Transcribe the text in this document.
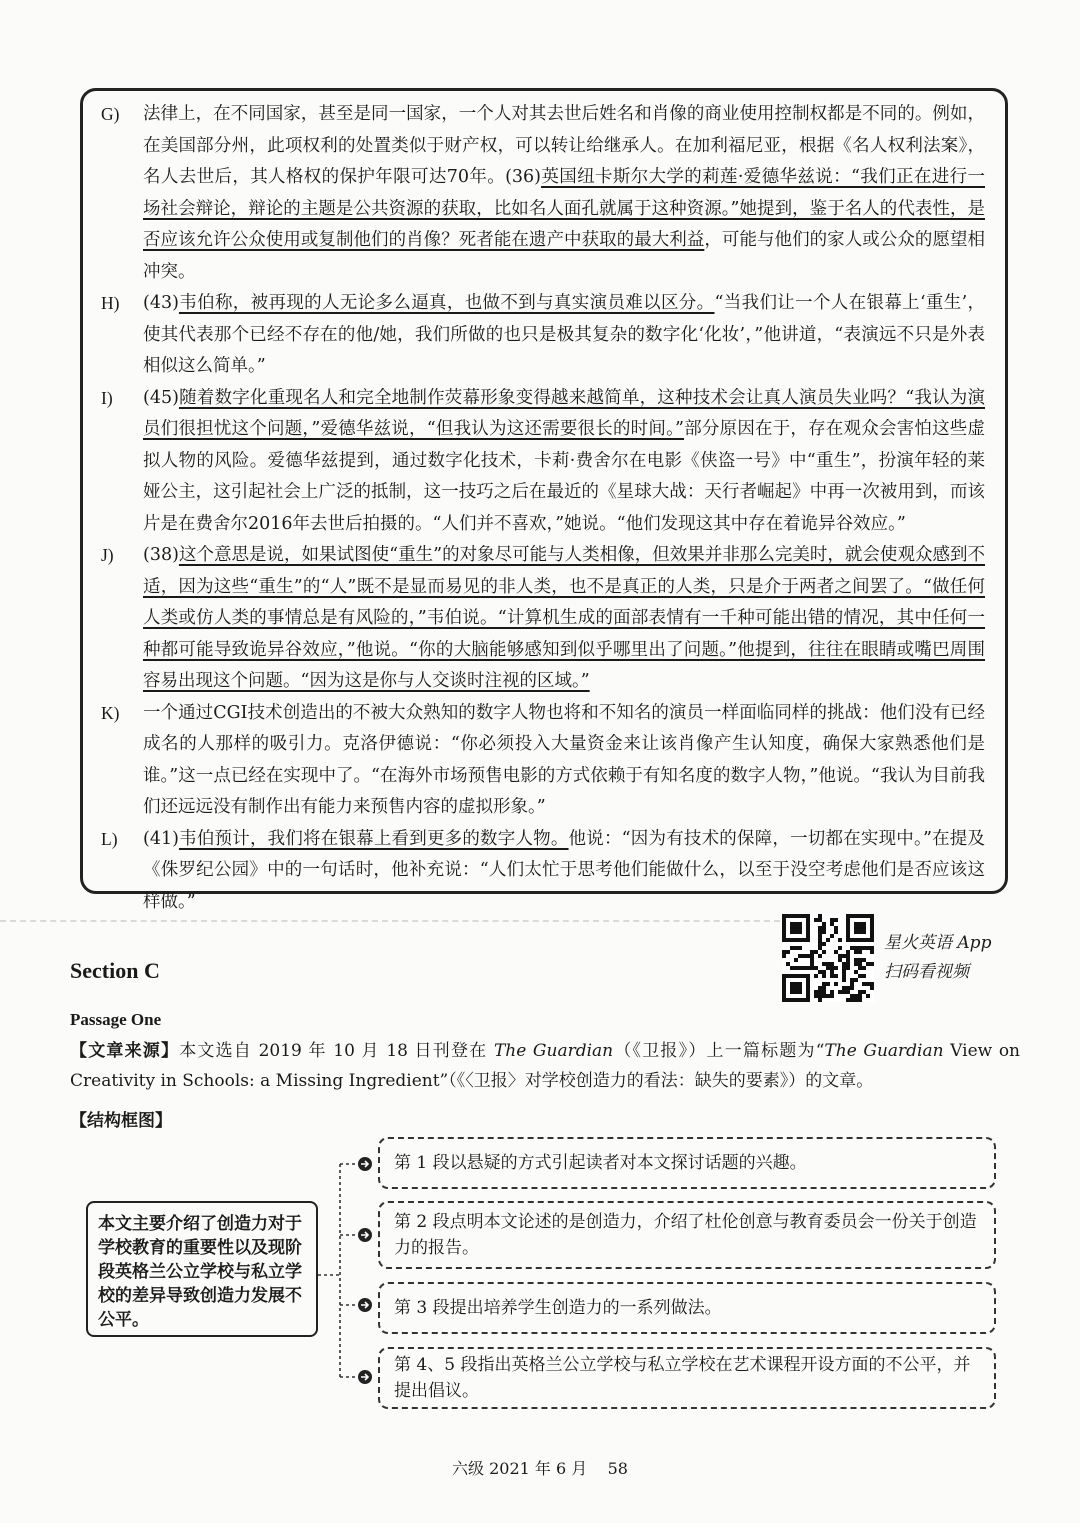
G)	法律上，在不同国家，甚至是同一国家，一个人对其去世后姓名和肖像的商业使用控制权都是不同的。例如，在美国部分州，此项权利的处置类似于财产权，可以转让给继承人。在加利福尼亚，根据《名人权利法案》，名人去世后，其人格权的保护年限可达70年。(36)英国纽卡斯尔大学的莉莲·爱德华兹说：“我们正在进行一场社会辩论，辩论的主题是公共资源的获取，比如名人面孔就属于这种资源。”她提到，鉴于名人的代表性，是否应该允许公众使用或复制他们的肖像？死者能在遗产中获取的最大利益，可能与他们的家人或公众的愿望相冲突。
H)	(43)韦伯称，被再现的人无论多么逼真，也做不到与真实演员难以区分。“当我们让一个人在银幕上‘重生’，使其代表那个已经不存在的他/她，我们所做的也只是极其复杂的数字化‘化妆’，”他讲道，“表演远不只是外表相似这么简单。”
I)	(45)随着数字化重现名人和完全地制作荧幕形象变得越来越简单，这种技术会让真人演员失业吗？“我认为演员们很担忧这个问题，”爱德华兹说，“但我认为这还需要很长的时间。”部分原因在于，存在观众会害怕这些虚拟人物的风险。爱德华兹提到，通过数字化技术，卡莉·费舍尔在电影《侠盗一号》中“重生”，扮演年轻的莱娅公主，这引起社会上广泛的抵制，这一技巧之后在最近的《星球大战：天行者崛起》中再一次被用到，而该片是在费舍尔2016年去世后拍摄的。“人们并不喜欢，”她说。“他们发现这其中存在着诡异谷效应。”
J)	(38)这个意思是说，如果试图使“重生”的对象尽可能与人类相像，但效果并非那么完美时，就会使观众感到不适，因为这些“重生”的“人”既不是显而易见的非人类，也不是真正的人类，只是介于两者之间罢了。“做任何人类或仿人类的事情总是有风险的，”韦伯说。“计算机生成的面部表情有一千种可能出错的情况，其中任何一种都可能导致诡异谷效应，”他说。“你的大脑能够感知到似乎哪里出了问题。”他提到，往往在眼睛或嘴巴周围容易出现这个问题。“因为这是你与人交谈时注视的区域。”
K)	一个通过CGI技术创造出的不被大众熟知的数字人物也将和不知名的演员一样面临同样的挑战：他们没有已经成名的人那样的吸引力。克洛伊德说：“你必须投入大量资金来让该肖像产生认知度，确保大家熟悉他们是谁。”这一点已经在实现中了。“在海外市场预售电影的方式依赖于有知名度的数字人物，”他说。“我认为目前我们还远远没有制作出有能力来预售内容的虚拟形象。”
L)	(41)韦伯预计，我们将在银幕上看到更多的数字人物。他说：“因为有技术的保障，一切都在实现中。”在提及《侏罗纪公园》中的一句话时，他补充说：“人们太忙于思考他们能做什么，以至于没空考虑他们是否应该这样做。”
星火英语 App
扫码看视频
Section C
Passage One
【文章来源】本文选自 2019 年 10 月 18 日刊登在 The Guardian（《卫报》）上一篇标题为“The Guardian View on Creativity in Schools: a Missing Ingredient”（《〈卫报〉对学校创造力的看法：缺失的要素》）的文章。
【结构框图】
本文主要介绍了创造力对于学校教育的重要性以及现阶段英格兰公立学校与私立学校的差异导致创造力发展不公平。
第 1 段以悬疑的方式引起读者对本文探讨话题的兴趣。
第 2 段点明本文论述的是创造力，介绍了杜伦创意与教育委员会一份关于创造力的报告。
第 3 段提出培养学生创造力的一系列做法。
第 4、5 段指出英格兰公立学校与私立学校在艺术课程开设方面的不公平，并提出倡议。
六级 2021 年 6 月 58
